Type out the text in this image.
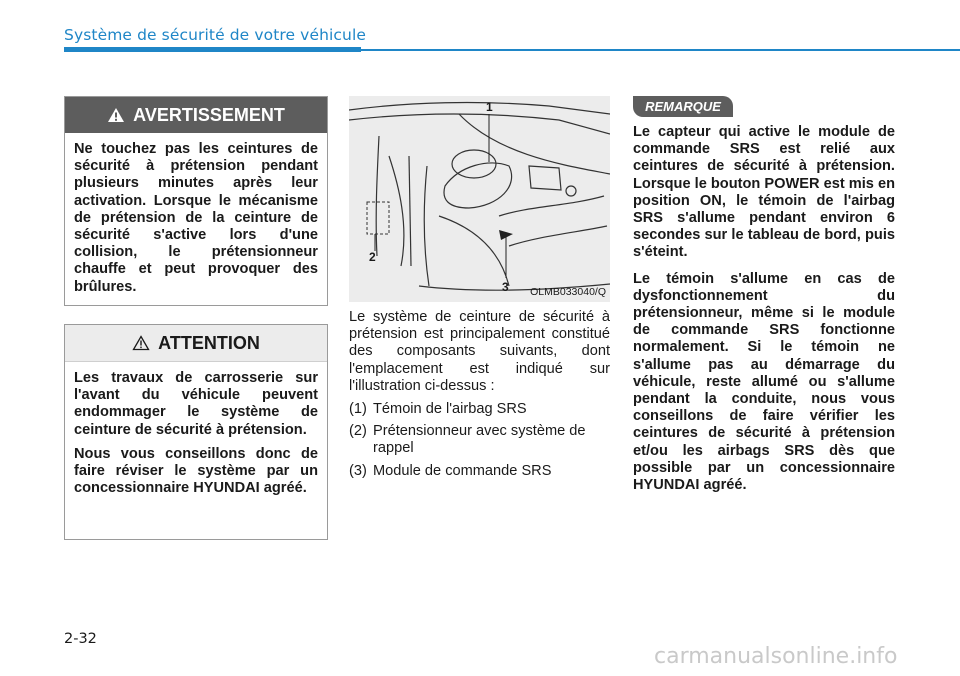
Système de sécurité de votre véhicule
AVERTISSEMENT

Ne touchez pas les ceintures de sécurité à prétension pendant plusieurs minutes après leur activation. Lorsque le mécanisme de prétension de la ceinture de sécurité s'active lors d'une collision, le prétensionneur chauffe et peut provoquer des brûlures.

ATTENTION

Les travaux de carrosserie sur l'avant du véhicule peuvent endommager le système de ceinture de sécurité à prétension.

Nous vous conseillons donc de faire réviser le système par un concessionnaire HYUNDAI agréé.

1
2
3 OLMB033040/Q

Le système de ceinture de sécurité à prétension est principalement constitué des composants suivants, dont l'emplacement est indiqué sur l'illustration ci-dessus :

(1) Témoin de l'airbag SRS
(2) Prétensionneur avec système de rappel
(3) Module de commande SRS
REMARQUE

Le capteur qui active le module de commande SRS est relié aux ceintures de sécurité à prétension. Lorsque le bouton POWER est mis en position ON, le témoin de l'airbag SRS s'allume pendant environ 6 secondes sur le tableau de bord, puis s'éteint.

Le témoin s'allume en cas de dysfonctionnement du prétensionneur, même si le module de commande SRS fonctionne normalement. Si le témoin ne s'allume pas au démarrage du véhicule, reste allumé ou s'allume pendant la conduite, nous vous conseillons de faire vérifier les ceintures de sécurité à prétension et/ou les airbags SRS dès que possible par un concessionnaire HYUNDAI agréé.

2-32
carmanualsonline.info
